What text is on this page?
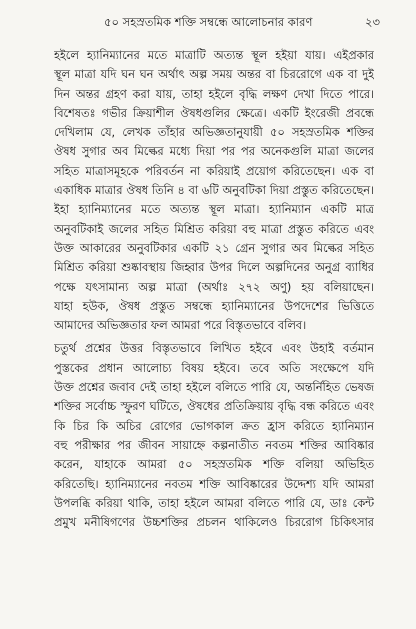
৫০ সহস্রতমিক শক্তি সম্বন্ধে আলোচনার কারণ	২৩
হইলে হ্যানিম্যানের মতে মাত্রাটি অত্যন্ত স্থূল হইয়া যায়। এইপ্রকার
স্থূল মাত্রা যদি ঘন ঘন অর্থাৎ অল্প সময় অন্তর বা চিররোগে এক বা দুই
দিন অন্তর গ্রহণ করা যায়, তাহা হইলে বৃদ্ধি লক্ষণ দেখা দিতে পারে।
বিশেষতঃ গভীর ক্রিয়াশীল ঔষধগুলির ক্ষেত্রে। একটি ইংরেজী প্রবন্ধে
দেখিলাম যে, লেখক তাঁহার অভিজ্ঞতানুযায়ী ৫০ সহস্রতমিক শক্তির
ঔষধ সুগার অব মিল্কের মধ্যে দিয়া পর পর অনেকগুলি মাত্রা জলের
সহিত মাত্রাসমূহকে পরিবর্তন না করিয়াই প্রয়োগ করিতেছেন। এক বা
একাধিক মাত্রার ঔষধ তিনি ৪ বা ৬টি অনুবটিকা দিয়া প্রস্তুত করিতেছেন।
ইহা হ্যানিম্যানের মতে অত্যন্ত স্থূল মাত্রা। হ্যানিম্যান একটি মাত্র
অনুবটিকাই জলের সহিত মিশ্রিত করিয়া বহু মাত্রা প্রস্তুত করিতে এবং
উক্ত আকারের অনুবটিকার একটি ২১ গ্রেন সুগার অব মিল্কের সহিত
মিশ্রিত করিয়া শুষ্কাবস্থায় জিহ্বার উপর দিলে অল্পদিনের অনুগ্র ব্যাধির
পক্ষে যৎসামান্য অল্প মাত্রা (অর্থাঃ ২৭২ অণু) হয় বলিয়াছেন।
যাহা হউক, ঔষধ প্রস্তুত সম্বন্ধে হ্যানিম্যানের উপদেশের ভিত্তিতে
আমাদের অভিজ্ঞতার ফল আমরা পরে বিস্তৃতভাবে বলিব।
চতুর্থ প্রশ্নের উত্তর বিস্তৃতভাবে লিখিত হইবে এবং উহাই বর্তমান
পুস্তকের প্রধান আলোচ্য বিষয় হইবে। তবে অতি সংক্ষেপে যদি
উক্ত প্রশ্নের জবাব দেই তাহা হইলে বলিতে পারি যে, অন্তর্নিহিত ভেষজ
শক্তির সর্বোচ্চ স্ফুরণ ঘটিতে, ঔষধের প্রতিক্রিয়ায় বৃদ্ধি বন্ধ করিতে এবং
কি চির কি অচির রোগের ভোগকাল ক্রত হ্রাস করিতে হ্যানিম্যান
বহু পরীক্ষার পর জীবন সায়াহ্নে কল্পনাতীত নবতম শক্তির আবিষ্কার
করেন, যাহাকে আমরা ৫০ সহস্রতমিক শক্তি বলিয়া অভিহিত
করিতেছি। হ্যানিম্যানের নবতম শক্তি আবিষ্কারের উদ্দেশ্য যদি আমরা
উপলব্ধি করিয়া থাকি, তাহা হইলে আমরা বলিতে পারি যে, ডাঃ কেন্ট
প্রমুখ মনীষিগণের উচ্চশক্তির প্রচলন থাকিলেও চিররোগ চিকিৎসার
